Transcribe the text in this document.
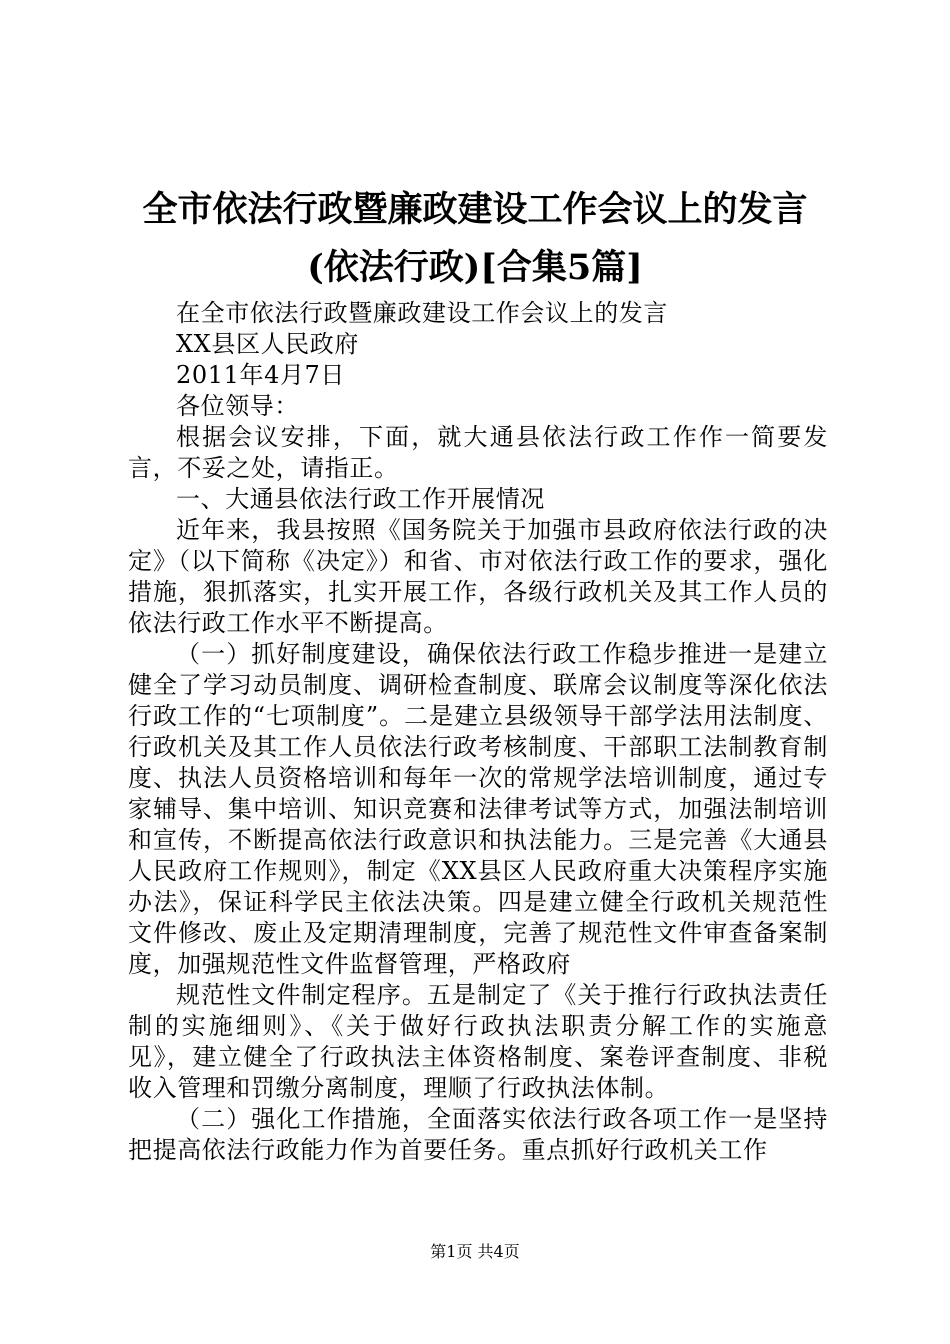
全市依法行政暨廉政建设工作会议上的发言
(依法行政)[合集5篇]

在全市依法行政暨廉政建设工作会议上的发言

XX县区人民政府

2011年4月7日

各位领导：

根据会议安排，下面，就大通县依法行政工作作一简要发言，不妥之处，请指正。

一、大通县依法行政工作开展情况

近年来，我县按照《国务院关于加强市县政府依法行政的决定》（以下简称《决定》）和省、市对依法行政工作的要求，强化措施，狠抓落实，扎实开展工作，各级行政机关及其工作人员的依法行政工作水平不断提高。

（一）抓好制度建设，确保依法行政工作稳步推进一是建立健全了学习动员制度、调研检查制度、联席会议制度等深化依法行政工作的“七项制度”。二是建立县级领导干部学法用法制度、行政机关及其工作人员依法行政考核制度、干部职工法制教育制度、执法人员资格培训和每年一次的常规学法培训制度，通过专家辅导、集中培训、知识竞赛和法律考试等方式，加强法制培训和宣传，不断提高依法行政意识和执法能力。三是完善《大通县人民政府工作规则》，制定《XX县区人民政府重大决策程序实施办法》，保证科学民主依法决策。四是建立健全行政机关规范性文件修改、废止及定期清理制度，完善了规范性文件审查备案制度，加强规范性文件监督管理，严格政府

规范性文件制定程序。五是制定了《关于推行行政执法责任制的实施细则》、《关于做好行政执法职责分解工作的实施意见》，建立健全了行政执法主体资格制度、案卷评查制度、非税收入管理和罚缴分离制度，理顺了行政执法体制。

（二）强化工作措施，全面落实依法行政各项工作一是坚持把提高依法行政能力作为首要任务。重点抓好行政机关工作

第1页 共4页
